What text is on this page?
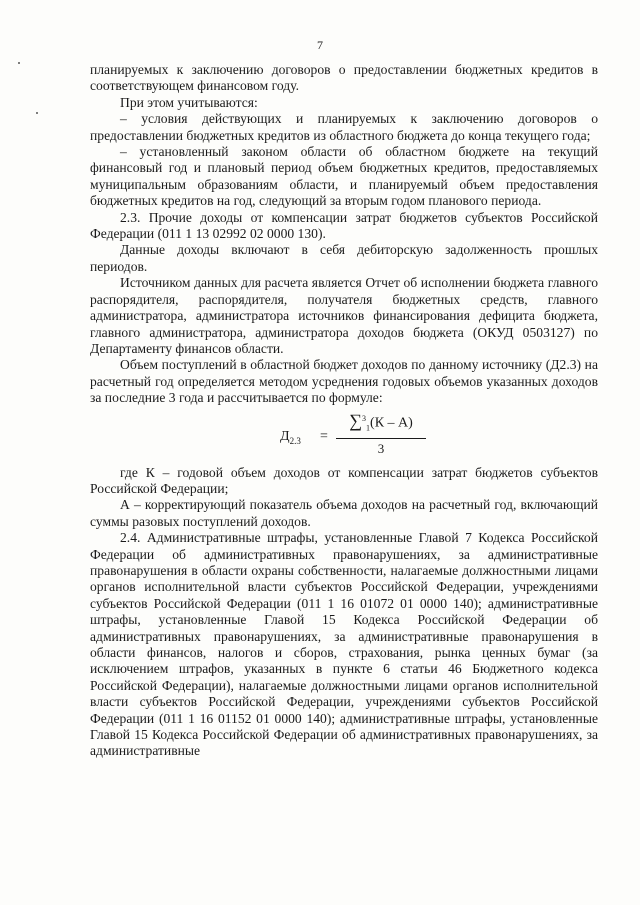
7

планируемых к заключению договоров о предоставлении бюджетных кредитов в соответствующем финансовом году.

При этом учитываются:

– условия действующих и планируемых к заключению договоров о предоставлении бюджетных кредитов из областного бюджета до конца текущего года;

– установленный законом области об областном бюджете на текущий финансовый год и плановый период объем бюджетных кредитов, предоставляемых муниципальным образованиям области, и планируемый объем предоставления бюджетных кредитов на год, следующий за вторым годом планового периода.

2.3. Прочие доходы от компенсации затрат бюджетов субъектов Российской Федерации (011 1 13 02992 02 0000 130).

Данные доходы включают в себя дебиторскую задолженность прошлых периодов.

Источником данных для расчета является Отчет об исполнении бюджета главного распорядителя, распорядителя, получателя бюджетных средств, главного администратора, администратора источников финансирования дефицита бюджета, главного администратора, администратора доходов бюджета (ОКУД 0503127) по Департаменту финансов области.

Объем поступлений в областной бюджет доходов по данному источнику (Д2.3) на расчетный год определяется методом усреднения годовых объемов указанных доходов за последние 3 года и рассчитывается по формуле:

$Д_{2.3}$ =
∑$^3_1$(К – А)
3

где К – годовой объем доходов от компенсации затрат бюджетов субъектов Российской Федерации;

А – корректирующий показатель объема доходов на расчетный год, включающий суммы разовых поступлений доходов.

2.4. Административные штрафы, установленные Главой 7 Кодекса Российской Федерации об административных правонарушениях, за административные правонарушения в области охраны собственности, налагаемые должностными лицами органов исполнительной власти субъектов Российской Федерации, учреждениями субъектов Российской Федерации (011 1 16 01072 01 0000 140); административные штрафы, установленные Главой 15 Кодекса Российской Федерации об административных правонарушениях, за административные правонарушения в области финансов, налогов и сборов, страхования, рынка ценных бумаг (за исключением штрафов, указанных в пункте 6 статьи 46 Бюджетного кодекса Российской Федерации), налагаемые должностными лицами органов исполнительной власти субъектов Российской Федерации, учреждениями субъектов Российской Федерации (011 1 16 01152 01 0000 140); административные штрафы, установленные Главой 15 Кодекса Российской Федерации об административных правонарушениях, за административные
